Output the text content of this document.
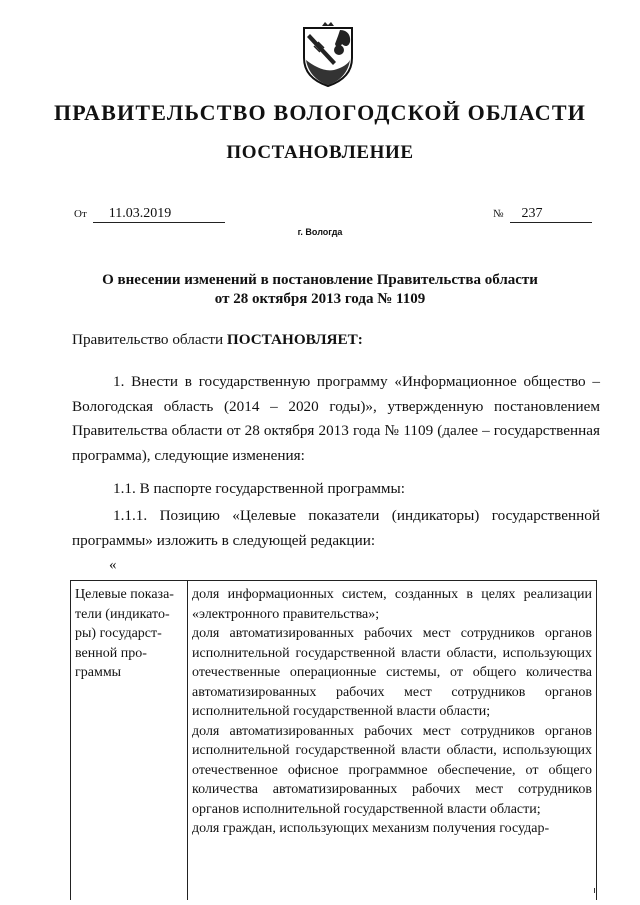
ПРАВИТЕЛЬСТВО ВОЛОГОДСКОЙ ОБЛАСТИ
ПОСТАНОВЛЕНИЕ
От 11.03.2019	№ 237
г. Вологда
О внесении изменений в постановление Правительства области
от 28 октября 2013 года № 1109

Правительство области ПОСТАНОВЛЯЕТ:

1. Внести в государственную программу «Информационное общество – Вологодская область (2014 – 2020 годы)», утвержденную постановлением Правительства области от 28 октября 2013 года № 1109 (далее – государственная программа), следующие изменения:

1.1. В паспорте государственной программы:

1.1.1. Позицию «Целевые показатели (индикаторы) государственной программы» изложить в следующей редакции:

«
Целевые показа-
тели (индикато-
ры) государст-
венной про-
граммы

доля информационных систем, созданных в целях реализации «электронного правительства»;

доля автоматизированных рабочих мест сотрудников органов исполнительной государственной власти области, использующих отечественные операционные системы, от общего количества автоматизированных рабочих мест сотрудников органов исполнительной государственной власти области;

доля автоматизированных рабочих мест сотрудников органов исполнительной государственной власти области, использующих отечественное офисное программное обеспечение, от общего количества автоматизированных рабочих мест сотрудников органов исполнительной государственной власти области;

доля граждан, использующих механизм получения государ-
